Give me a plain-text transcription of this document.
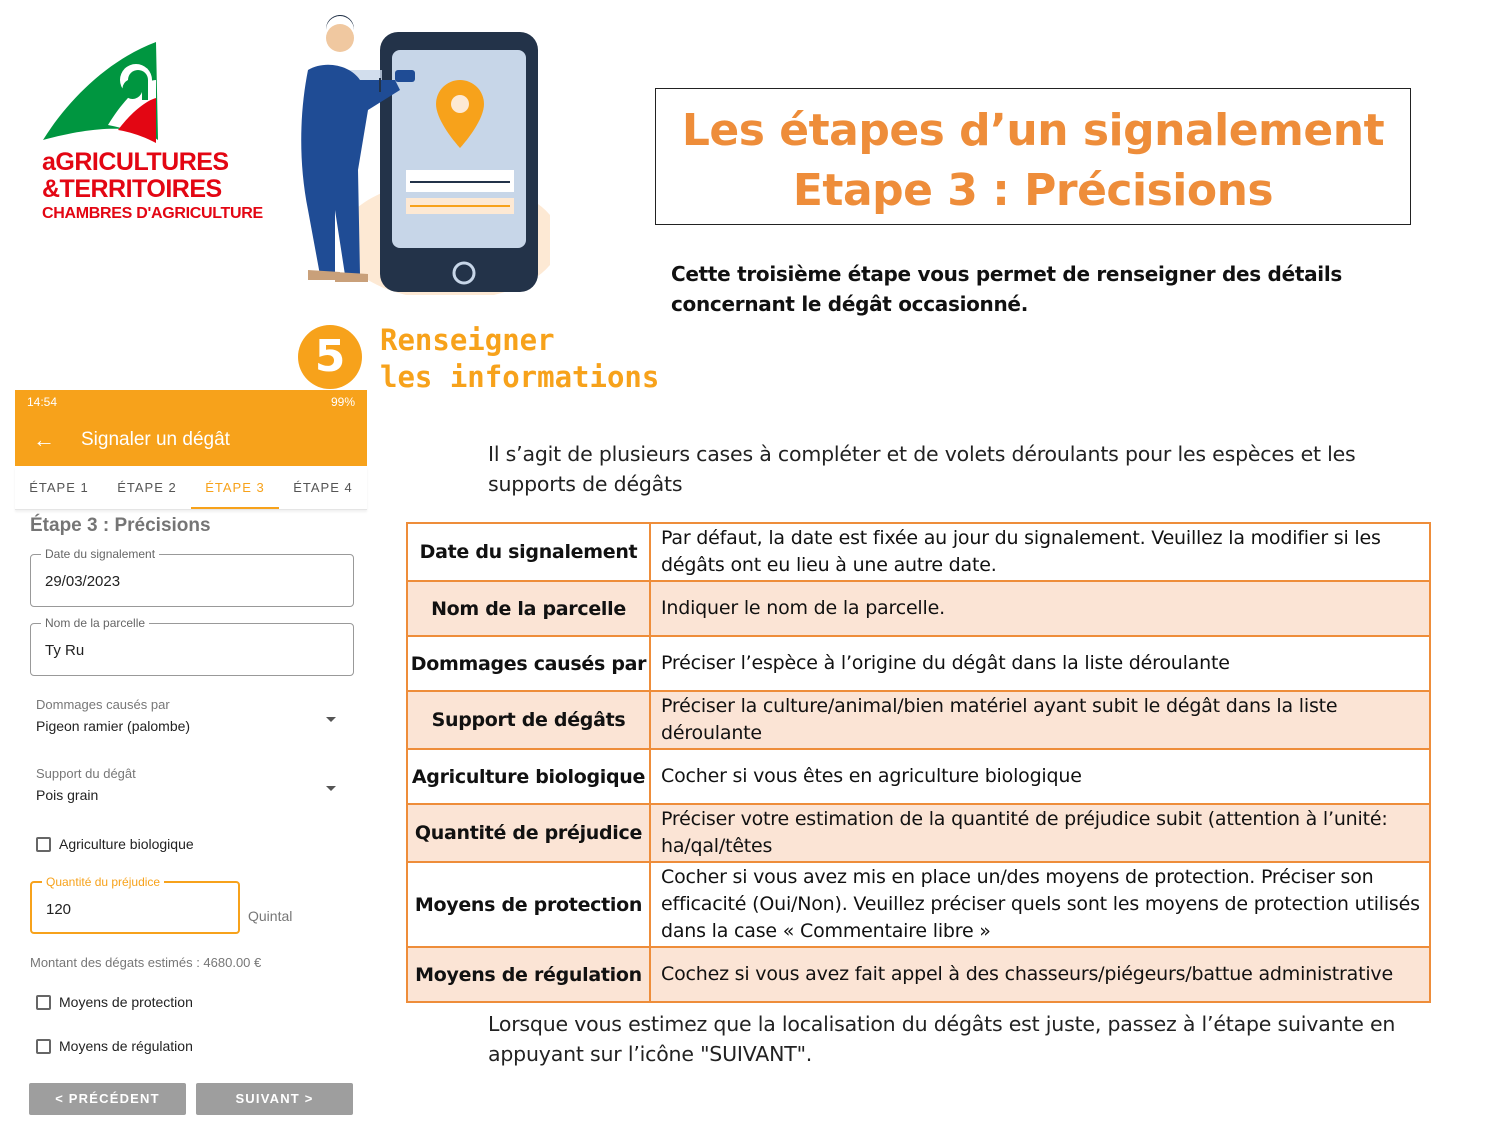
aGRICULTURES
&TERRITOIRES
CHAMBRES D'AGRICULTURE
5	Renseigner
les informations
Les étapes d’un signalement
Etape 3 : Précisions
Cette troisième étape vous permet de renseigner des détails concernant le dégât occasionné.
Il s’agit de plusieurs cases à compléter et de volets déroulants pour les espèces et les supports de dégâts
Date du signalement	Par défaut, la date est fixée au jour du signalement. Veuillez la modifier si les dégâts ont eu lieu à une autre date.
Nom de la parcelle	Indiquer le nom de la parcelle.
Dommages causés par	Préciser l’espèce à l’origine du dégât dans la liste déroulante
Support de dégâts	Préciser la culture/animal/bien matériel ayant subit le dégât dans la liste déroulante
Agriculture biologique	Cocher si vous êtes en agriculture biologique
Quantité de préjudice	Préciser votre estimation de la quantité de préjudice subit (attention à l’unité: ha/qal/têtes
Moyens de protection	Cocher si vous avez mis en place un/des moyens de protection. Préciser son efficacité (Oui/Non). Veuillez préciser quels sont les moyens de protection utilisés dans la case « Commentaire libre »
Moyens de régulation	Cochez si vous avez fait appel à des chasseurs/piégeurs/battue administrative
Lorsque vous estimez que la localisation du dégâts est juste, passez à l’étape suivante en appuyant sur l’icône "SUIVANT".
14:54	99%
←	Signaler un dégât
ÉTAPE 1	ÉTAPE 2	ÉTAPE 3	ÉTAPE 4
Étape 3 : Précisions
Date du signalement
29/03/2023
Nom de la parcelle
Ty Ru
Dommages causés par
Pigeon ramier (palombe)
Support du dégât
Pois grain
Agriculture biologique
Quantité du préjudice
120	Quintal
Montant des dégats estimés : 4680.00 €
Moyens de protection
Moyens de régulation
< PRÉCÉDENT	SUIVANT >
